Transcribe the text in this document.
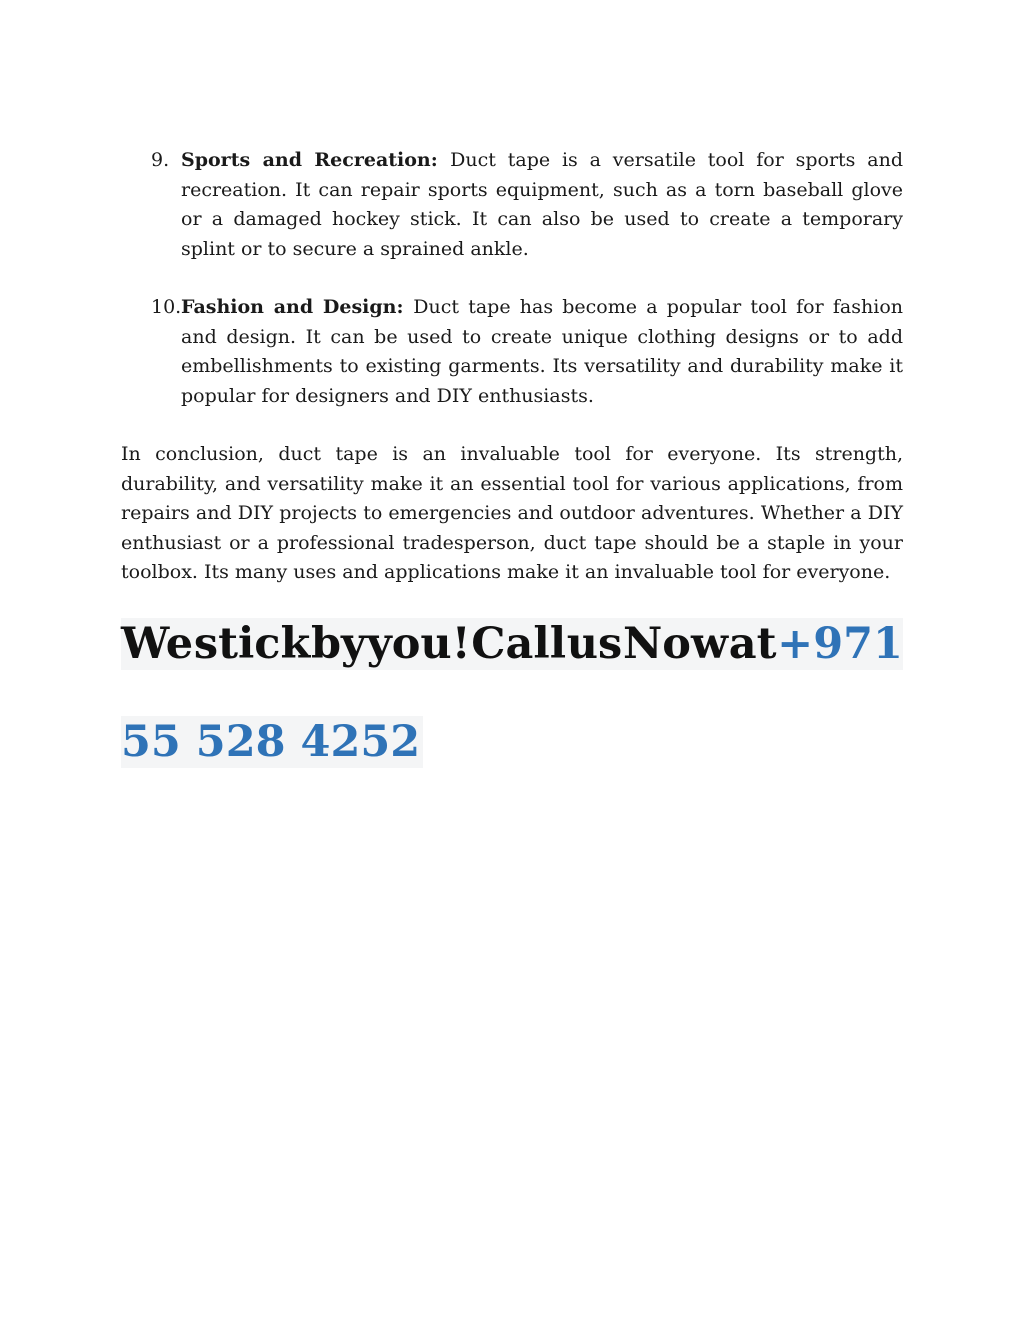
9. Sports and Recreation: Duct tape is a versatile tool for sports and recreation. It can repair sports equipment, such as a torn baseball glove or a damaged hockey stick. It can also be used to create a temporary splint or to secure a sprained ankle.
10. Fashion and Design: Duct tape has become a popular tool for fashion and design. It can be used to create unique clothing designs or to add embellishments to existing garments. Its versatility and durability make it popular for designers and DIY enthusiasts.

In conclusion, duct tape is an invaluable tool for everyone. Its strength, durability, and versatility make it an essential tool for various applications, from repairs and DIY projects to emergencies and outdoor adventures. Whether a DIY enthusiast or a professional tradesperson, duct tape should be a staple in your toolbox. Its many uses and applications make it an invaluable tool for everyone.

We stick by you! Call us Now at +971
55 528 4252
